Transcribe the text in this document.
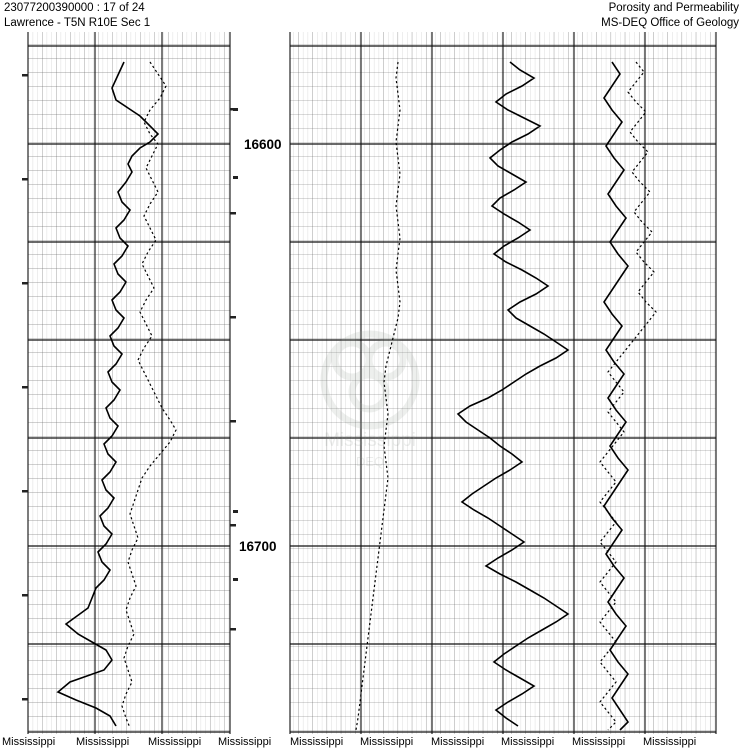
23077200390000 : 17 of 24	Porosity and Permeability
Lawrence - T5N R10E Sec 1	MS-DEQ Office of Geology
Mississippi
DEQ
16600
16700
Mississippi Mississippi Mississippi Mississippi Mississippi Mississippi Mississippi Mississippi Mississippi Mississippi
